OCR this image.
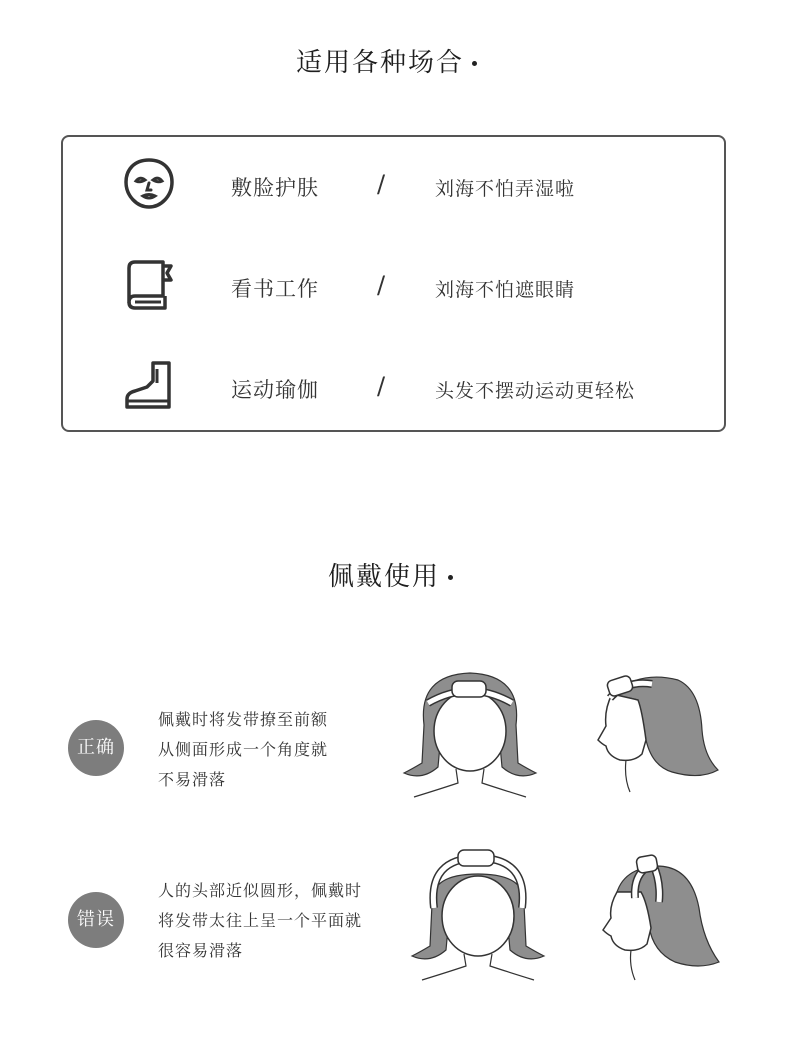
适用各种场合
敷脸护肤 /	刘海不怕弄湿啦
看书工作 /	刘海不怕遮眼睛
运动瑜伽 /	头发不摆动运动更轻松
佩戴使用
正确
佩戴时将发带撩至前额
从侧面形成一个角度就
不易滑落
错误
人的头部近似圆形，佩戴时
将发带太往上呈一个平面就
很容易滑落
